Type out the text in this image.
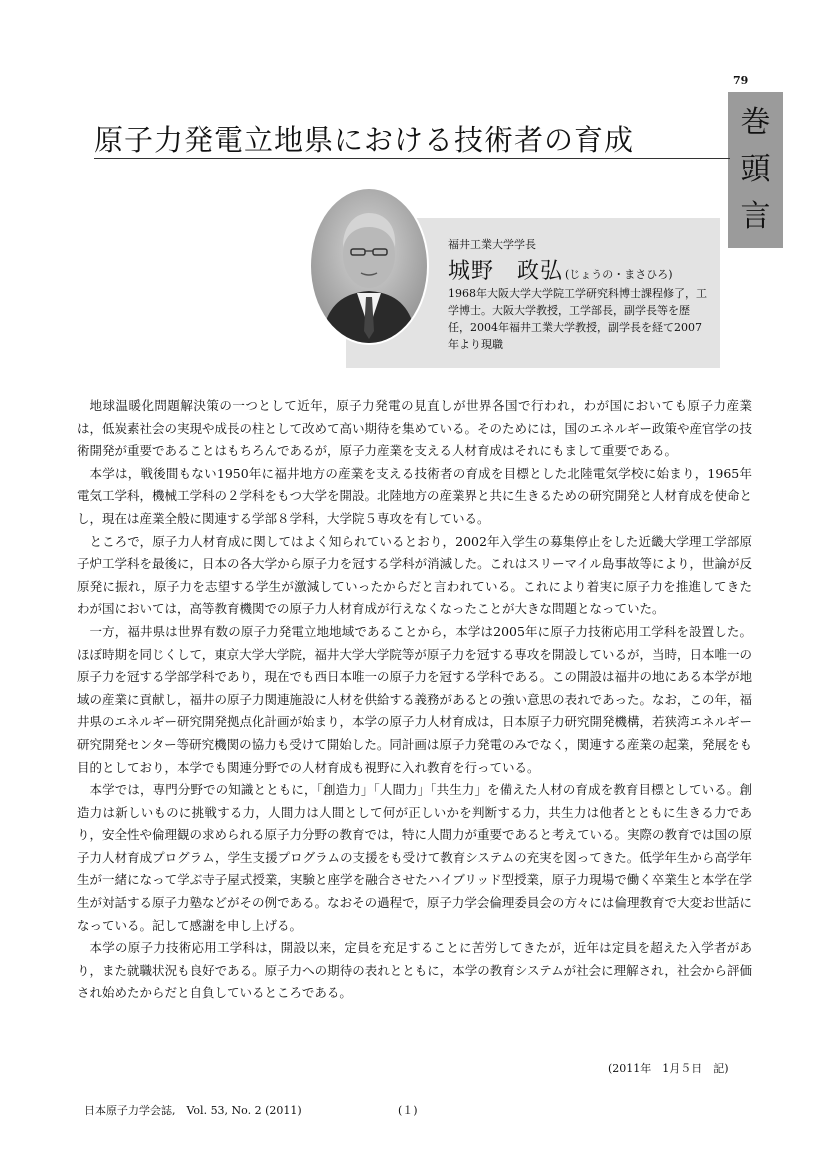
79
巻
頭
言
原子力発電立地県における技術者の育成
福井工業大学学長
城野　政弘 (じょうの・まさひろ)
1968年大阪大学大学院工学研究科博士課程修了，工学博士。大阪大学教授，工学部長，副学長等を歴任，2004年福井工業大学教授，副学長を経て2007年より現職

地球温暖化問題解決策の一つとして近年，原子力発電の見直しが世界各国で行われ，わが国においても原子力産業は，低炭素社会の実現や成長の柱として改めて高い期待を集めている。そのためには，国のエネルギー政策や産官学の技術開発が重要であることはもちろんであるが，原子力産業を支える人材育成はそれにもまして重要である。

本学は，戦後間もない1950年に福井地方の産業を支える技術者の育成を目標とした北陸電気学校に始まり，1965年電気工学科，機械工学科の２学科をもつ大学を開設。北陸地方の産業界と共に生きるための研究開発と人材育成を使命とし，現在は産業全般に関連する学部８学科，大学院５専攻を有している。

ところで，原子力人材育成に関してはよく知られているとおり，2002年入学生の募集停止をした近畿大学理工学部原子炉工学科を最後に，日本の各大学から原子力を冠する学科が消滅した。これはスリーマイル島事故等により，世論が反原発に振れ，原子力を志望する学生が激減していったからだと言われている。これにより着実に原子力を推進してきたわが国においては，高等教育機関での原子力人材育成が行えなくなったことが大きな問題となっていた。

一方，福井県は世界有数の原子力発電立地地域であることから，本学は2005年に原子力技術応用工学科を設置した。ほぼ時期を同じくして，東京大学大学院，福井大学大学院等が原子力を冠する専攻を開設しているが，当時，日本唯一の原子力を冠する学部学科であり，現在でも西日本唯一の原子力を冠する学科である。この開設は福井の地にある本学が地域の産業に貢献し，福井の原子力関連施設に人材を供給する義務があるとの強い意思の表れであった。なお，この年，福井県のエネルギー研究開発拠点化計画が始まり，本学の原子力人材育成は，日本原子力研究開発機構，若狭湾エネルギー研究開発センター等研究機関の協力も受けて開始した。同計画は原子力発電のみでなく，関連する産業の起業，発展をも目的としており，本学でも関連分野での人材育成も視野に入れ教育を行っている。

本学では，専門分野での知識とともに，「創造力」「人間力」「共生力」を備えた人材の育成を教育目標としている。創造力は新しいものに挑戦する力，人間力は人間として何が正しいかを判断する力，共生力は他者とともに生きる力であり，安全性や倫理観の求められる原子力分野の教育では，特に人間力が重要であると考えている。実際の教育では国の原子力人材育成プログラム，学生支援プログラムの支援をも受けて教育システムの充実を図ってきた。低学年生から高学年生が一緒になって学ぶ寺子屋式授業，実験と座学を融合させたハイブリッド型授業，原子力現場で働く卒業生と本学在学生が対話する原子力塾などがその例である。なおその過程で，原子力学会倫理委員会の方々には倫理教育で大変お世話になっている。記して感謝を申し上げる。

本学の原子力技術応用工学科は，開設以来，定員を充足することに苦労してきたが，近年は定員を超えた入学者があり，また就職状況も良好である。原子力への期待の表れとともに，本学の教育システムが社会に理解され，社会から評価され始めたからだと自負しているところである。

(2011年　1月５日　記)
日本原子力学会誌,　Vol. 53, No. 2 (2011)	(１)
